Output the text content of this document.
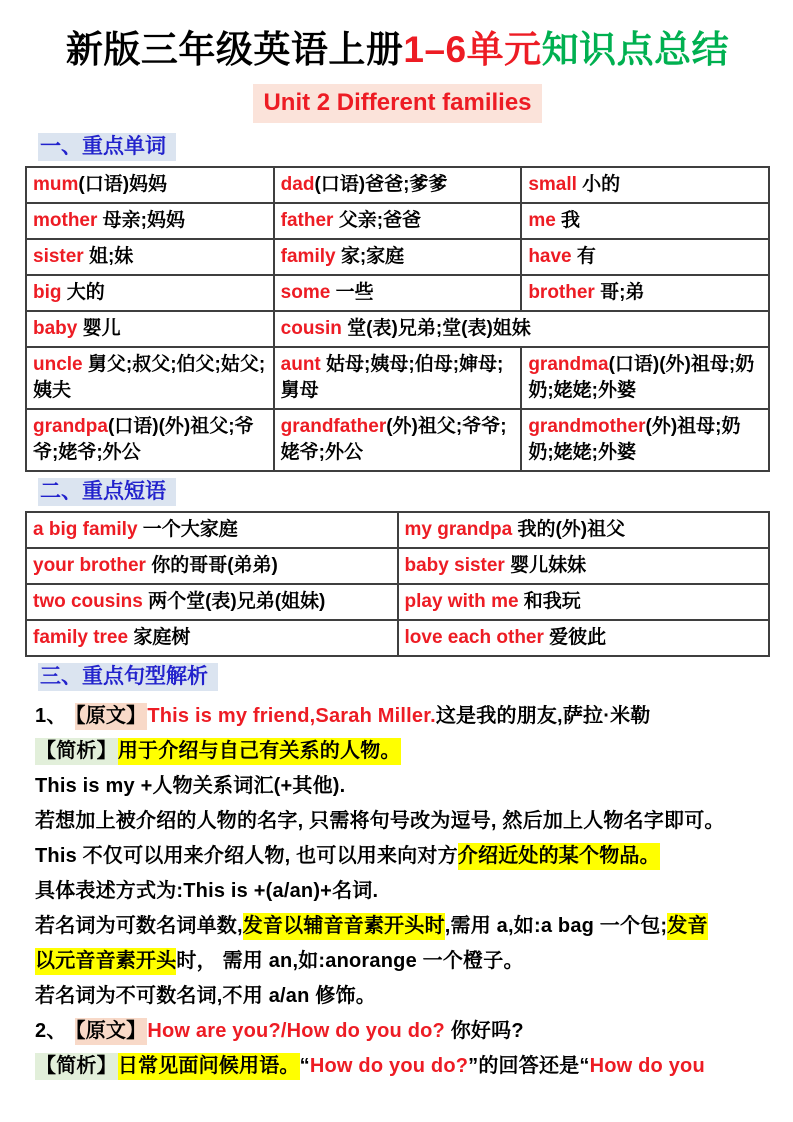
新版三年级英语上册1–6单元知识点总结
Unit 2 Different families
一、重点单词
mum(口语)妈妈	dad(口语)爸爸;爹爹	small 小的
mother 母亲;妈妈	father 父亲;爸爸	me 我
sister 姐;妹	family 家;家庭	have 有
big 大的	some 一些	brother 哥;弟
baby 婴儿	cousin 堂(表)兄弟;堂(表)姐妹	
uncle 舅父;叔父;伯父;姑父;姨夫	aunt 姑母;姨母;伯母;婶母;舅母	grandma(口语)(外)祖母;奶奶;姥姥;外婆
grandpa(口语)(外)祖父;爷爷;姥爷;外公	grandfather(外)祖父;爷爷;姥爷;外公	grandmother(外)祖母;奶奶;姥姥;外婆
二、重点短语
a big family 一个大家庭	my grandpa 我的(外)祖父
your brother 你的哥哥(弟弟)	baby sister 婴儿妹妹
two cousins 两个堂(表)兄弟(姐妹)	play with me 和我玩
family tree 家庭树	love each other 爱彼此
三、重点句型解析
1、 【原文】This is my friend,Sarah Miller.这是我的朋友,萨拉·米勒
【简析】用于介绍与自己有关系的人物。
This is my +人物关系词汇(+其他).
若想加上被介绍的人物的名字, 只需将句号改为逗号, 然后加上人物名字即可。
This 不仅可以用来介绍人物, 也可以用来向对方介绍近处的某个物品。
具体表述方式为:This is +(a/an)+名词.
若名词为可数名词单数,发音以辅音音素开头时,需用 a,如:a bag 一个包;发音
以元音音素开头时， 需用 an,如:anorange 一个橙子。
若名词为不可数名词,不用 a/an 修饰。
2、 【原文】How are you?/How do you do? 你好吗?
【简析】日常见面问候用语。“How do you do?”的回答还是“How do you
